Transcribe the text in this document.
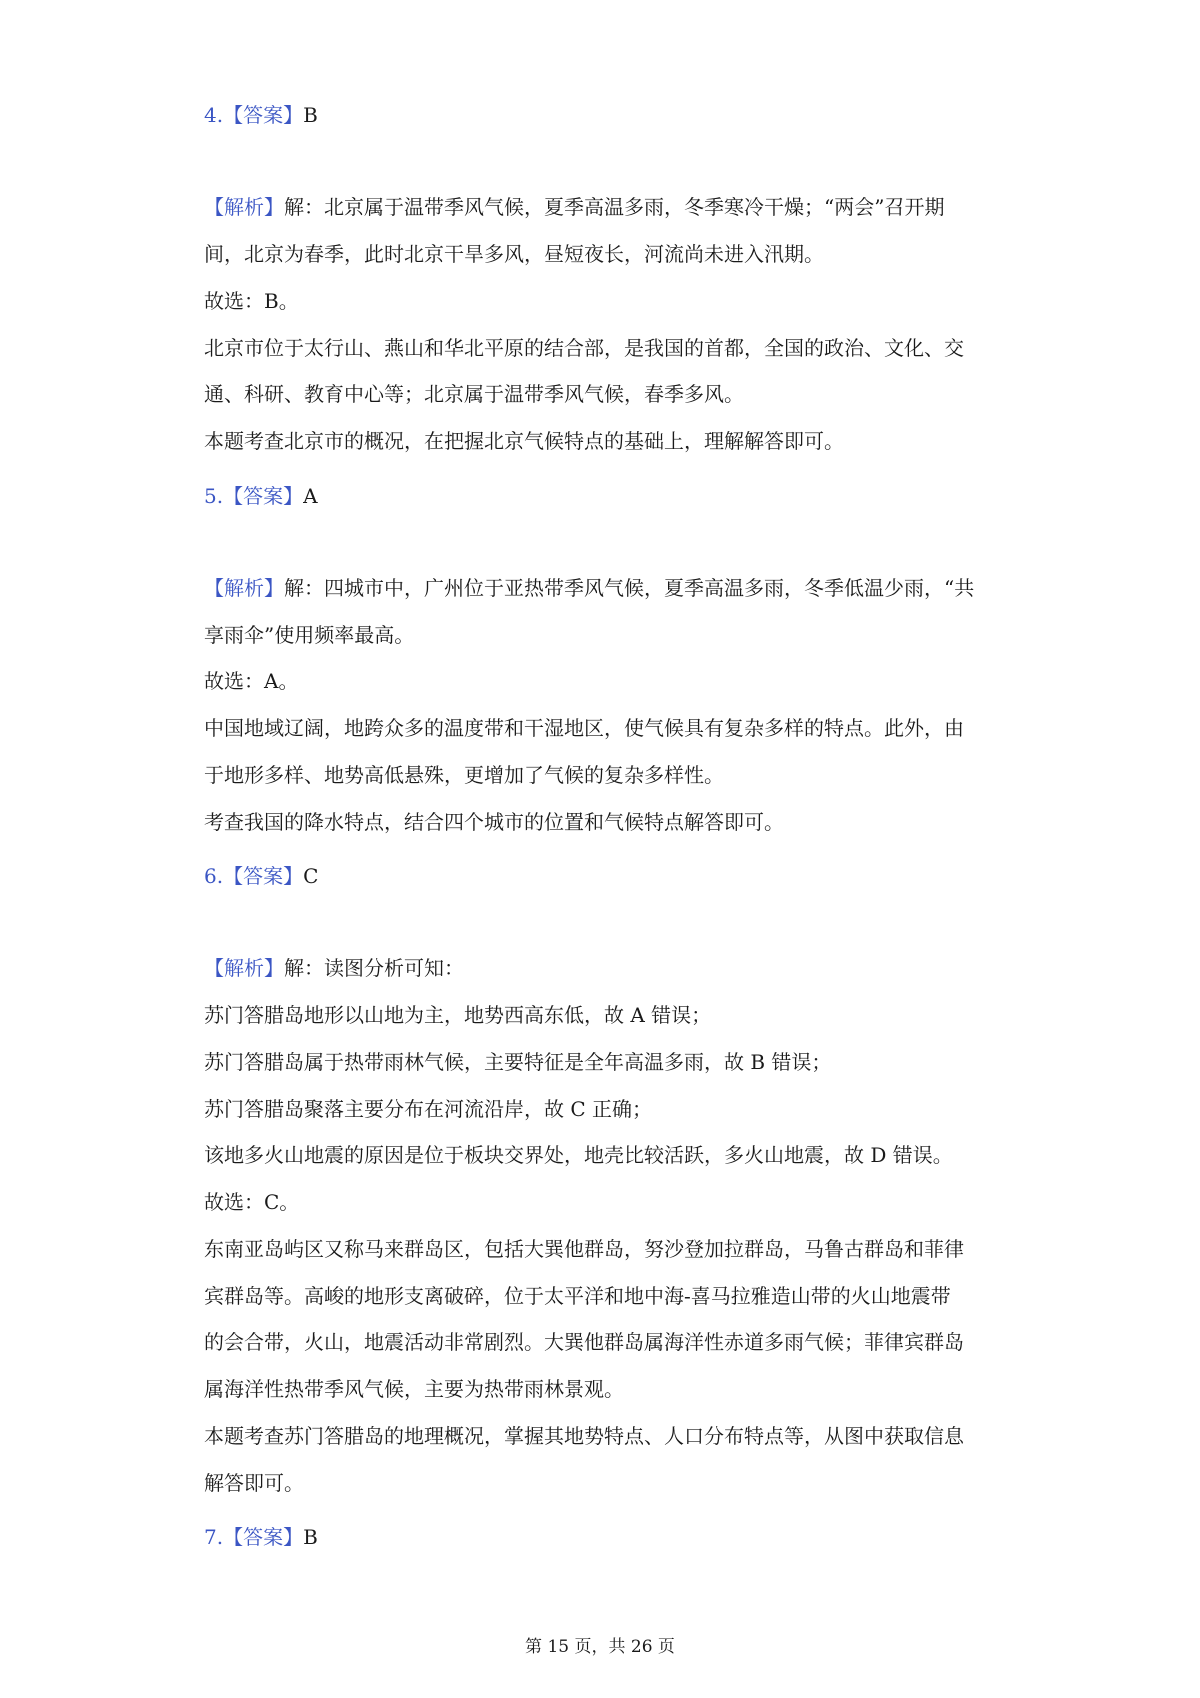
4.【答案】B
【解析】解：北京属于温带季风气候，夏季高温多雨，冬季寒冷干燥；“两会”召开期
间，北京为春季，此时北京干旱多风，昼短夜长，河流尚未进入汛期。
故选：B。
北京市位于太行山、燕山和华北平原的结合部，是我国的首都，全国的政治、文化、交
通、科研、教育中心等；北京属于温带季风气候，春季多风。
本题考查北京市的概况，在把握北京气候特点的基础上，理解解答即可。
5.【答案】A
【解析】解：四城市中，广州位于亚热带季风气候，夏季高温多雨，冬季低温少雨，“共
享雨伞”使用频率最高。
故选：A。
中国地域辽阔，地跨众多的温度带和干湿地区，使气候具有复杂多样的特点。此外，由
于地形多样、地势高低悬殊，更增加了气候的复杂多样性。
考查我国的降水特点，结合四个城市的位置和气候特点解答即可。
6.【答案】C
【解析】解：读图分析可知：
苏门答腊岛地形以山地为主，地势西高东低，故 A 错误；
苏门答腊岛属于热带雨林气候，主要特征是全年高温多雨，故 B 错误；
苏门答腊岛聚落主要分布在河流沿岸，故 C 正确；
该地多火山地震的原因是位于板块交界处，地壳比较活跃，多火山地震，故 D 错误。
故选：C。
东南亚岛屿区又称马来群岛区，包括大巽他群岛，努沙登加拉群岛，马鲁古群岛和菲律
宾群岛等。高峻的地形支离破碎，位于太平洋和地中海-喜马拉雅造山带的火山地震带
的会合带，火山，地震活动非常剧烈。大巽他群岛属海洋性赤道多雨气候；菲律宾群岛
属海洋性热带季风气候，主要为热带雨林景观。
本题考查苏门答腊岛的地理概况，掌握其地势特点、人口分布特点等，从图中获取信息
解答即可。
7.【答案】B
第 15 页，共 26 页
